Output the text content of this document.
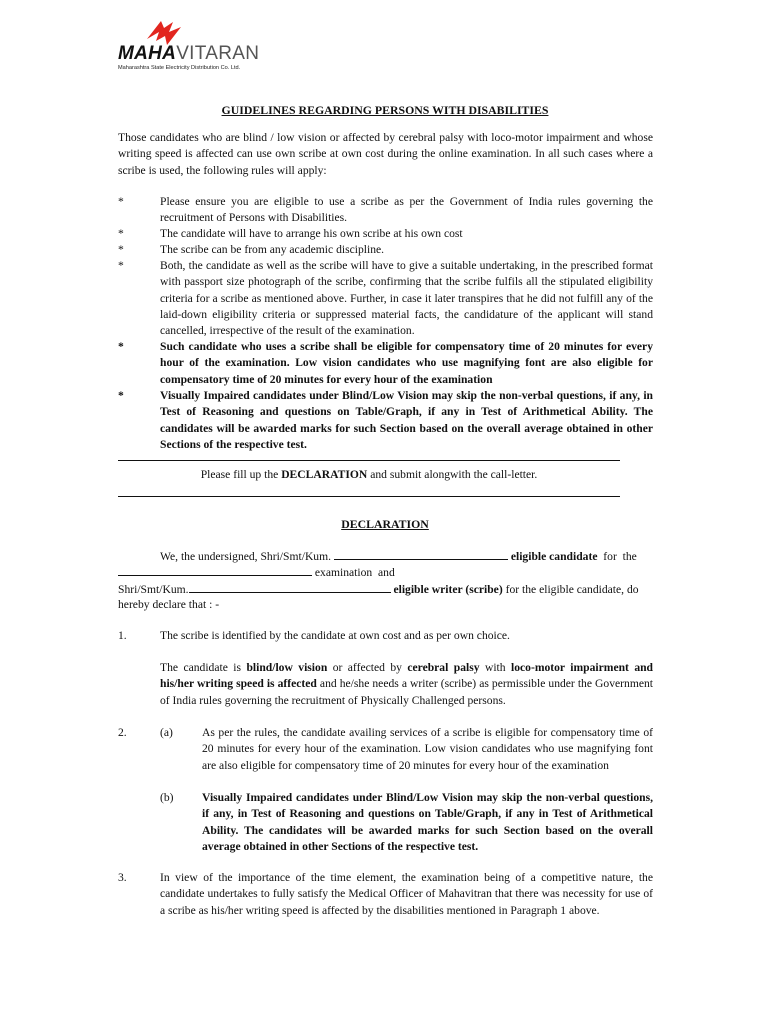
MAHAVITARAN
Maharashtra State Electricity Distribution Co. Ltd.
GUIDELINES REGARDING PERSONS WITH DISABILITIES
Those candidates who are blind / low vision or affected by cerebral palsy with loco-motor impairment and whose writing speed is affected can use own scribe at own cost during the online examination. In all such cases where a scribe is used, the following rules will apply:
*	Please ensure you are eligible to use a scribe as per the Government of India rules governing the recruitment of Persons with Disabilities.
*	The candidate will have to arrange his own scribe at his own cost
*	The scribe can be from any academic discipline.
*	Both, the candidate as well as the scribe will have to give a suitable undertaking, in the prescribed format with passport size photograph of the scribe, confirming that the scribe fulfils all the stipulated eligibility criteria for a scribe as mentioned above. Further, in case it later transpires that he did not fulfill any of the laid-down eligibility criteria or suppressed material facts, the candidature of the applicant will stand cancelled, irrespective of the result of the examination.
*	Such candidate who uses a scribe shall be eligible for compensatory time of 20 minutes for every hour of the examination. Low vision candidates who use magnifying font are also eligible for compensatory time of 20 minutes for every hour of the examination
*	Visually Impaired candidates under Blind/Low Vision may skip the non-verbal questions, if any, in Test of Reasoning and questions on Table/Graph, if any in Test of Arithmetical Ability. The candidates will be awarded marks for such Section based on the overall average obtained in other Sections of the respective test.
Please fill up the DECLARATION and submit alongwith the call-letter.
DECLARATION
We, the undersigned, Shri/Smt/Kum.	eligible candidate  for  the
examination  and
Shri/Smt/Kum.	eligible writer (scribe) for the eligible candidate, do
hereby declare that : -
1.	The scribe is identified by the candidate at own cost and as per own choice.
The candidate is blind/low vision or affected by cerebral palsy with loco-motor impairment and his/her writing speed is affected and he/she needs a writer (scribe) as permissible under the Government of India rules governing the recruitment of Physically Challenged persons.
2.	(a)	As per the rules, the candidate availing services of a scribe is eligible for compensatory time of 20 minutes for every hour of the examination. Low vision candidates who use magnifying font are also eligible for compensatory time of 20 minutes for every hour of the examination
(b) Visually Impaired candidates under Blind/Low Vision may skip the non-verbal questions, if any, in Test of Reasoning and questions on Table/Graph, if any in Test of Arithmetical Ability. The candidates will be awarded marks for such Section based on the overall average obtained in other Sections of the respective test.
3.	In view of the importance of the time element, the examination being of a competitive nature, the candidate undertakes to fully satisfy the Medical Officer of Mahavitran that there was necessity for use of a scribe as his/her writing speed is affected by the disabilities mentioned in Paragraph 1 above.
